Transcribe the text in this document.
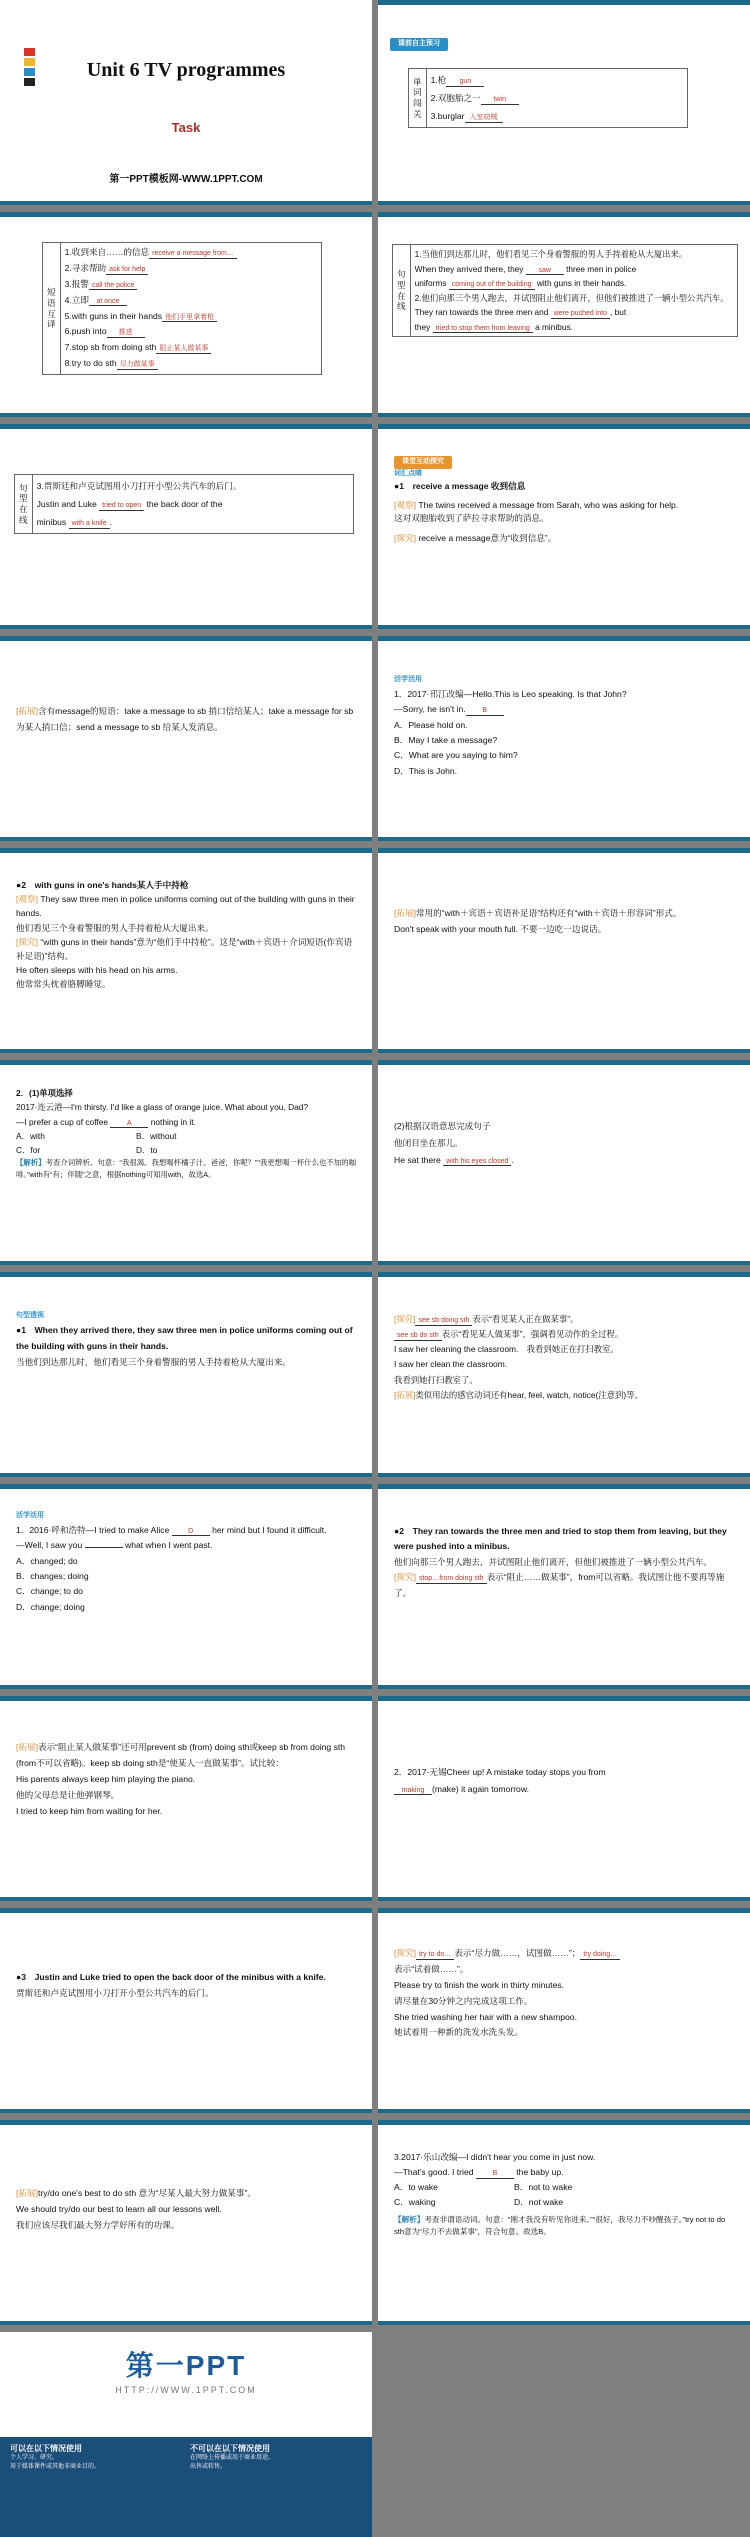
Unit 6 TV programmes
Task
第一PPT模板网-WWW.1PPT.COM
课前自主预习
单词闯关	
1.枪 gun
2.双胞胎之一 twin
3.burglar 入室窃贼
短语互译	
1.收到来自……的信息 receive a message from…
2.寻求帮助 ask for help
3.报警 call the police
4.立即 at once
5.with guns in their hands 他们手里拿着枪
6.push into 推进
7.stop sb from doing sth 阻止某人做某事
8.try to do sth 尽力做某事
句型在线	
1.当他们到达那儿时，他们看见三个身着警服的男人手持着枪从大厦出来。
When they arrived there, they saw three men in police
uniforms coming out of the building with guns in their hands.
2.他们向那三个男人跑去，并试图阻止他们离开，但他们被推进了一辆小型公共汽车。
They ran towards the three men and were pushed into , but
they tried to stop them from leaving a minibus.
句型在线	
3.贾斯廷和卢克试图用小刀打开小型公共汽车的后门。
Justin and Luke tried to open the back door of the
minibus with a knife .
课堂互动探究
词汇点睛
●1　receive a message 收到信息
[观察] The twins received a message from Sarah, who was asking for help.
这对双胞胎收到了萨拉寻求帮助的消息。
[探究] receive a message意为“收到信息”。
[拓展]含有message的短语：take a message to sb 捎口信给某人；take a message for sb为某人捎口信；send a message to sb 给某人发消息。
活学活用
1．2017·邗江改编—Hello.This is Leo speaking. Is that John?
—Sorry, he isn't in. B
A．Please hold on.
B．May I take a message?
C．What are you saying to him?
D．This is John.
●2　with guns in one's hands某人手中持枪
[观察] They saw three men in police uniforms coming out of the building with guns in their hands.
他们看见三个身着警服的男人手持着枪从大厦出来。
[探究] “with guns in their hands”意为“他们手中持枪”。这是“with＋宾语＋介词短语(作宾语补足语)”结构。
He often sleeps with his head on his arms.
他常常头枕着胳膊睡觉。
[拓展]常用的“with＋宾语＋宾语补足语”结构还有“with＋宾语＋形容词”形式。
Don't speak with your mouth full. 不要一边吃一边说话。
2．(1)单项选择
2017·连云港—I'm thirsty. I'd like a glass of orange juice. What about you, Dad?
—I prefer a cup of coffee	A nothing in it.
A．with	B．without
C．for	D．to
【解析】考查介词辨析。句意：“我很渴。我想喝杯橘子汁。爸爸，你呢？”“我更想喝一杯什么也不加的咖啡。”with有“有；伴随”之意，根据nothing可知用with，故选A。
(2)根据汉语意思完成句子
他闭目坐在那儿。
He sat there with his eyes closed .
句型透视
●1　When they arrived there, they saw three men in police uniforms coming out of the building with guns in their hands.
当他们到达那儿时，他们看见三个身着警服的男人手持着枪从大厦出来。
[探究] see sb doing sth 表示“看见某人正在做某事”。
see sb do sth 表示“看见某人做某事”，强调看见动作的全过程。
I saw her cleaning the classroom.　我看到她正在打扫教室。
I saw her clean the classroom.
我看到她打扫教室了。
[拓展]类似用法的感官动词还有hear, feel, watch, notice(注意到)等。
活学活用
1．2016·呼和浩特—I tried to make Alice	D her mind but I found it difficult.
—Well, I saw you	what when I went past.
A．changed; do
B．changes; doing
C．change; to do
D．change; doing
●2　They ran towards the three men and tried to stop them from leaving, but they were pushed into a minibus.
他们向那三个男人跑去，并试图阻止他们离开，但他们被推进了一辆小型公共汽车。
[探究] stop…from doing sth 表示“阻止……做某事”，from可以省略。我试图让他不要再等施了。
[拓展]表示“阻止某人做某事”还可用prevent sb (from) doing sth或keep sb from doing sth (from不可以省略)。keep sb doing sth是“使某人一直做某事”。试比较：
His parents always keep him playing the piano.
他的父母总是让他弹钢琴。
I tried to keep him from waiting for her.
2．2017·无锡Cheer up! A mistake today stops you from
making (make) it again tomorrow.
●3　Justin and Luke tried to open the back door of the minibus with a knife.
贾斯廷和卢克试图用小刀打开小型公共汽车的后门。
[探究] try to do… 表示“尽力做……，试图做……”； try doing…
表示“试着做……”。
Please try to finish the work in thirty minutes.
请尽量在30分钟之内完成这项工作。
She tried washing her hair with a new shampoo.
她试着用一种新的洗发水洗头发。
[拓展]try/do one's best to do sth 意为“尽某人最大努力做某事”。
We should try/do our best to learn all our lessons well.
我们应该尽我们最大努力学好所有的功课。
3.2017·乐山改编—I didn't hear you come in just now.
—That's good. I tried	B the baby up.
A．to wake	B．not to wake
C．waking	D．not wake
【解析】考查非谓语动词。句意：“刚才我没有听见你进来。”“很好，我尽力不吵醒孩子。”try not to do sth意为“尽力不去做某事”，符合句意。故选B。
第一PPT
HTTP://WWW.1PPT.COM
可以在以下情况使用
个人学习、研究。
用于媒体课件或其他非商业目的。
不可以在以下情况使用
在网络上传播或用于商业用途。
出售或转售。
